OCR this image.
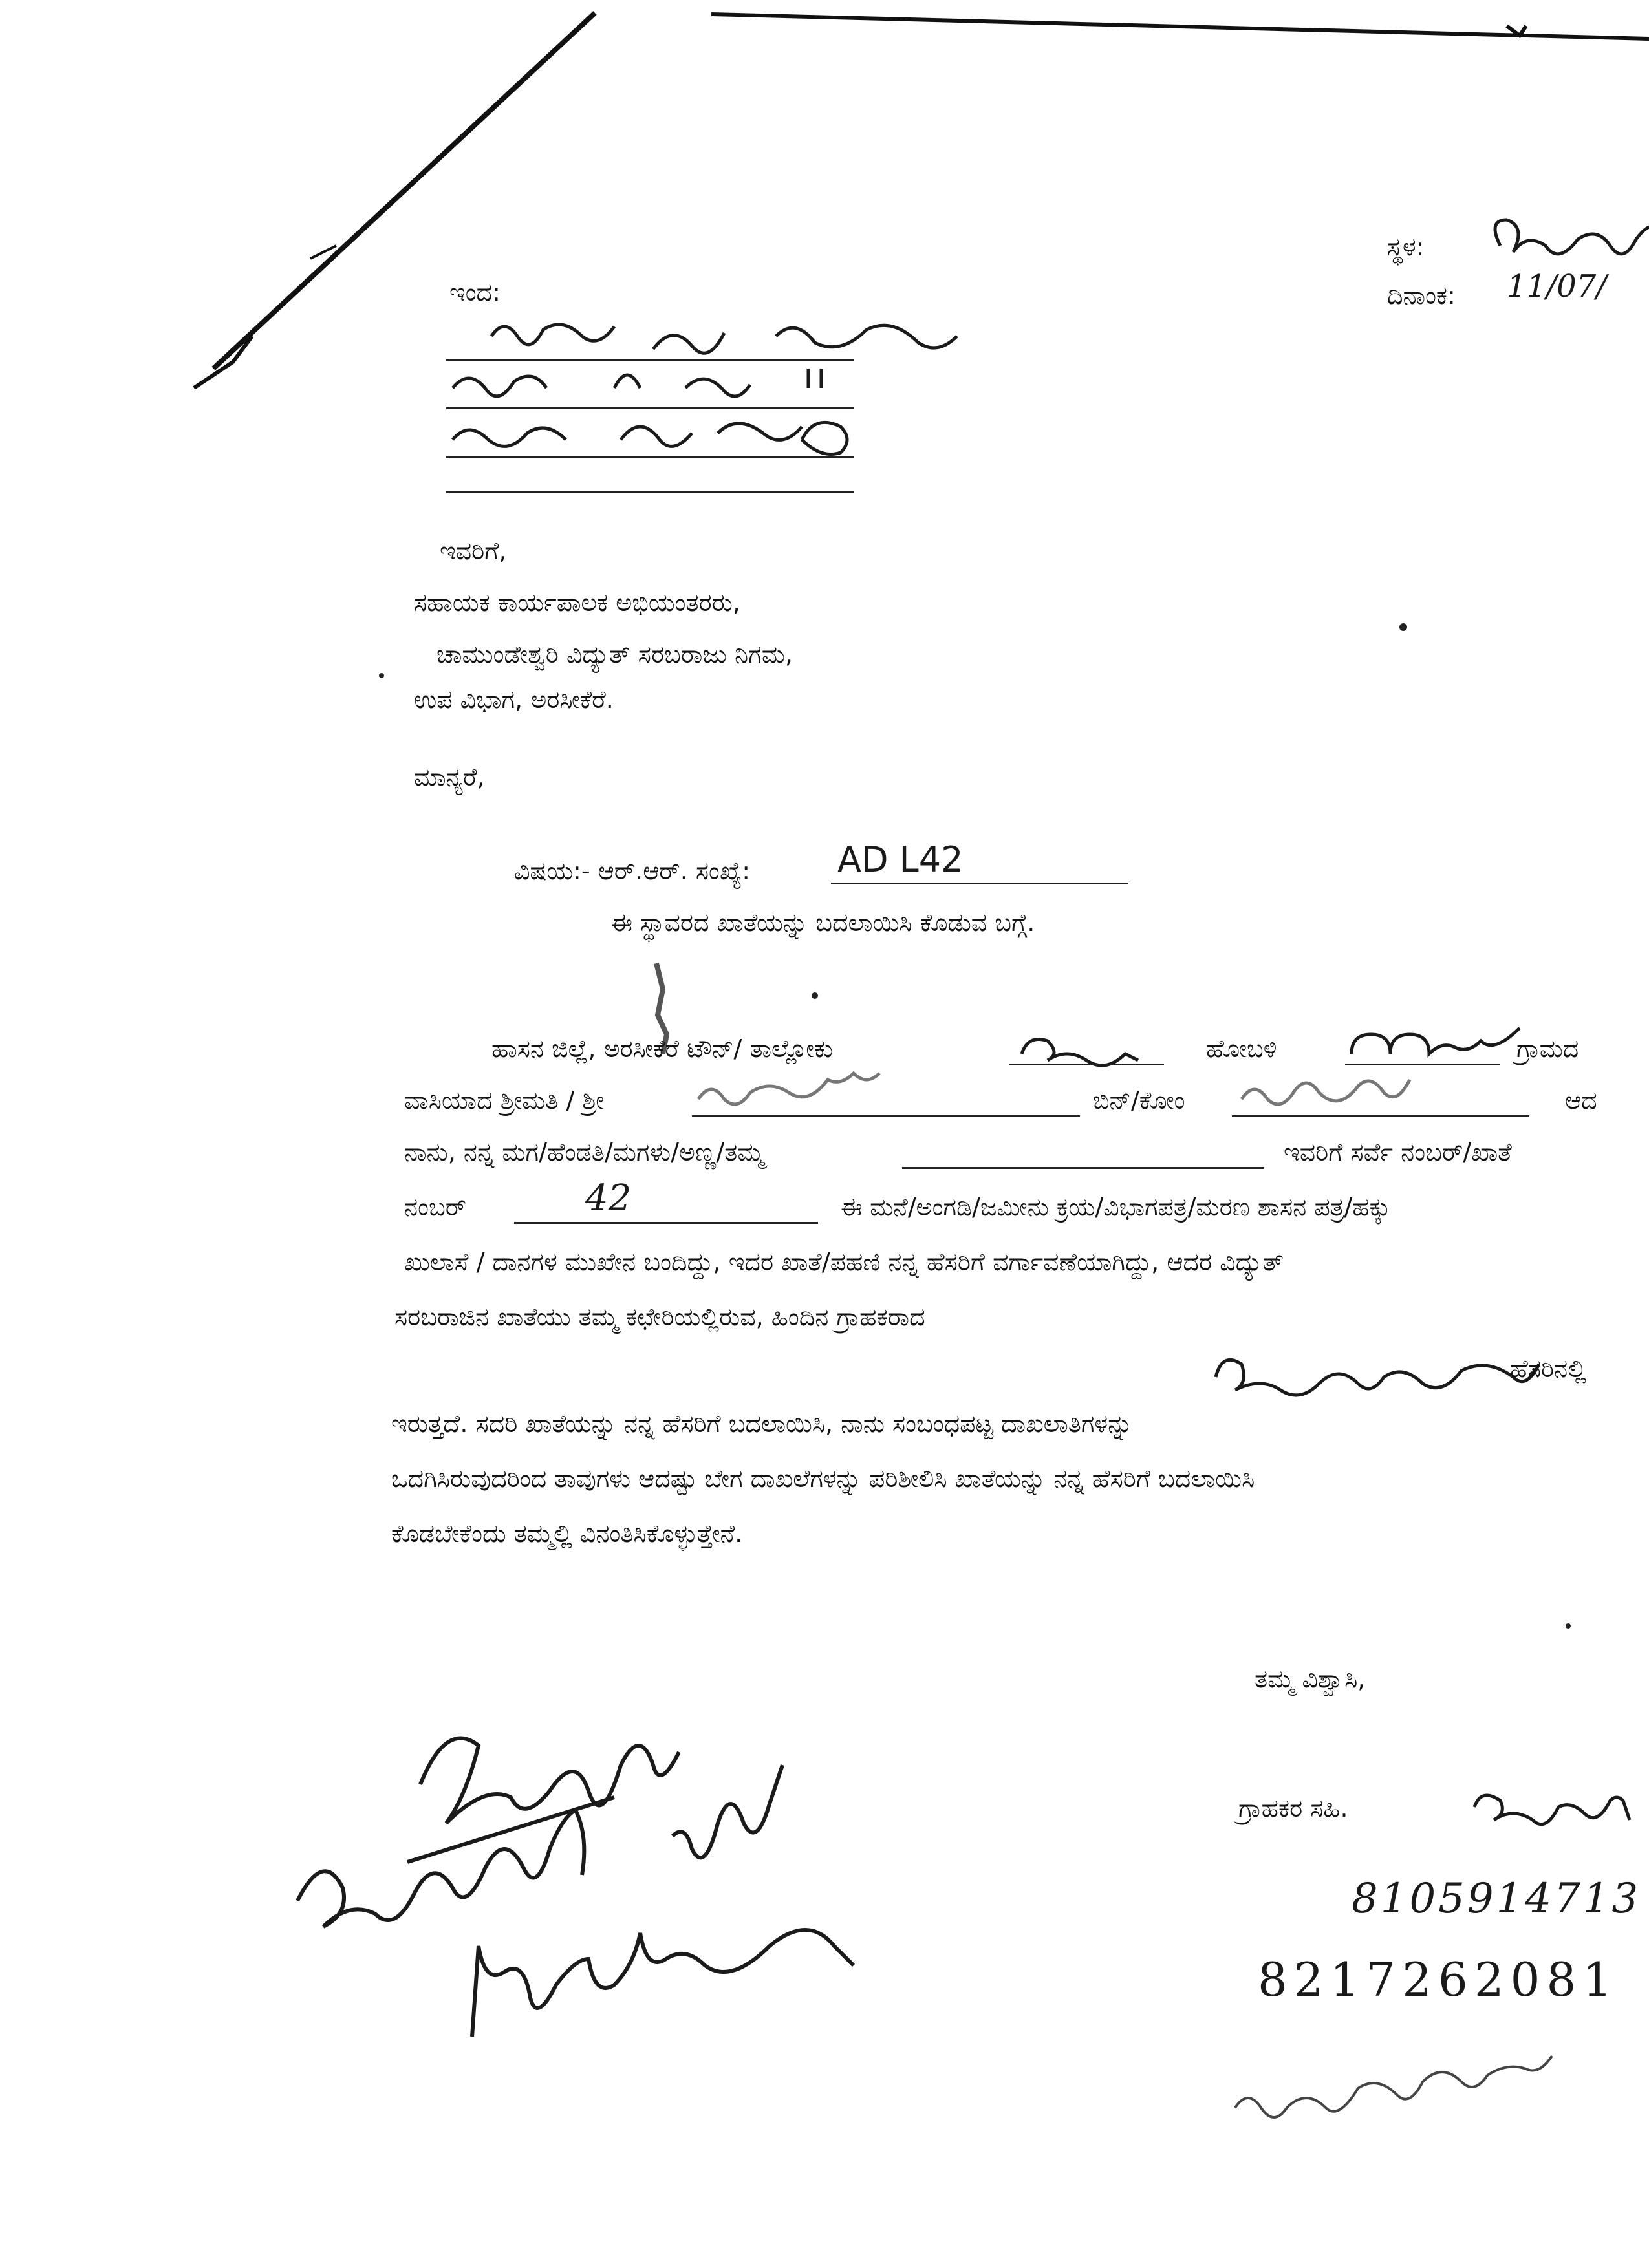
ಸ್ಥಳ:
ದಿನಾಂಕ: 11/07/
ಇಂದ:
ಇವರಿಗೆ,
ಸಹಾಯಕ ಕಾರ್ಯಪಾಲಕ ಅಭಿಯಂತರರು,
ಚಾಮುಂಡೇಶ್ವರಿ ವಿದ್ಯುತ್ ಸರಬರಾಜು ನಿಗಮ,
ಉಪ ವಿಭಾಗ, ಅರಸೀಕೆರೆ.
ಮಾನ್ಯರೆ,
ವಿಷಯ:- ಆರ್.ಆರ್. ಸಂಖ್ಯೆ: AD L42
ಈ ಸ್ಥಾವರದ ಖಾತೆಯನ್ನು ಬದಲಾಯಿಸಿ ಕೊಡುವ ಬಗ್ಗೆ.
ಹಾಸನ ಜಿಲ್ಲೆ, ಅರಸೀಕೆರೆ ಟೌನ್/ ತಾಲ್ಲೋಕು	ಹೋಬಳಿ	ಗ್ರಾಮದ
ವಾಸಿಯಾದ ಶ್ರೀಮತಿ / ಶ್ರೀ	ಬಿನ್/ಕೋಂ	ಆದ
ನಾನು, ನನ್ನ ಮಗ/ಹೆಂಡತಿ/ಮಗಳು/ಅಣ್ಣ/ತಮ್ಮ	ಇವರಿಗೆ ಸರ್ವೆ ನಂಬರ್/ಖಾತೆ
ನಂಬರ್	42	ಈ ಮನೆ/ಅಂಗಡಿ/ಜಮೀನು ಕ್ರಯ/ವಿಭಾಗಪತ್ರ/ಮರಣ ಶಾಸನ ಪತ್ರ/ಹಕ್ಕು
ಖುಲಾಸೆ / ದಾನಗಳ ಮುಖೇನ ಬಂದಿದ್ದು, ಇದರ ಖಾತೆ/ಪಹಣಿ ನನ್ನ ಹೆಸರಿಗೆ ವರ್ಗಾವಣೆಯಾಗಿದ್ದು, ಆದರ ವಿದ್ಯುತ್
ಸರಬರಾಜಿನ ಖಾತೆಯು ತಮ್ಮ ಕಛೇರಿಯಲ್ಲಿರುವ, ಹಿಂದಿನ ಗ್ರಾಹಕರಾದ
ಹೆಸರಿನಲ್ಲಿ
ಇರುತ್ತದೆ. ಸದರಿ ಖಾತೆಯನ್ನು ನನ್ನ ಹೆಸರಿಗೆ ಬದಲಾಯಿಸಿ, ನಾನು ಸಂಬಂಧಪಟ್ಟ ದಾಖಲಾತಿಗಳನ್ನು
ಒದಗಿಸಿರುವುದರಿಂದ ತಾವುಗಳು ಆದಷ್ಟು ಬೇಗ ದಾಖಲೆಗಳನ್ನು ಪರಿಶೀಲಿಸಿ ಖಾತೆಯನ್ನು ನನ್ನ ಹೆಸರಿಗೆ ಬದಲಾಯಿಸಿ
ಕೊಡಬೇಕೆಂದು ತಮ್ಮಲ್ಲಿ ವಿನಂತಿಸಿಕೊಳ್ಳುತ್ತೇನೆ.
ತಮ್ಮ ವಿಶ್ವಾಸಿ,
ಗ್ರಾಹಕರ ಸಹಿ.
8105914713
8217262081
